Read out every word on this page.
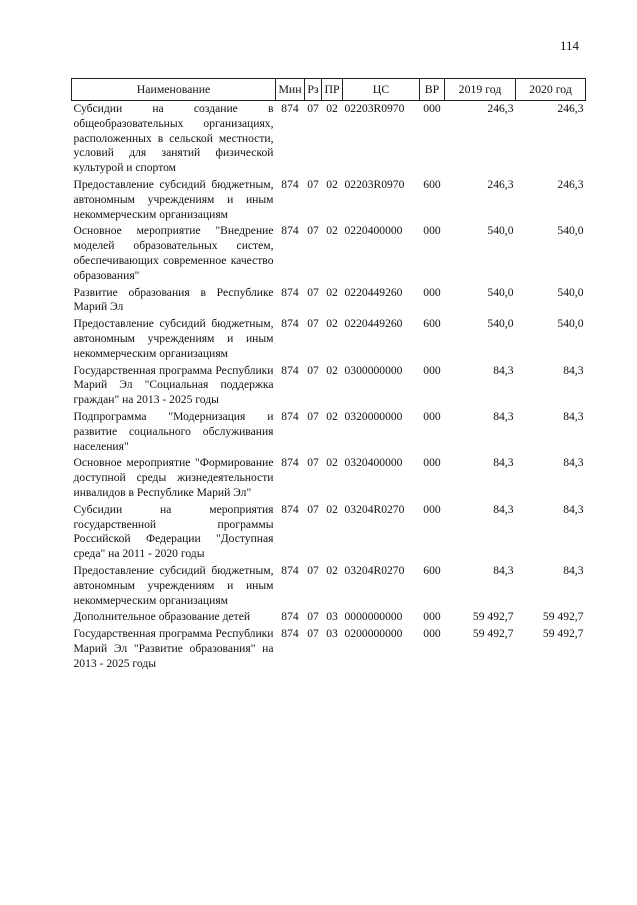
114
Наименование	Мин	Рз	ПР	ЦС	ВР	2019 год	2020 год
Субсидии на создание в общеобразовательных организациях, расположенных в сельской местности, условий для занятий физической культурой и спортом	874	07	02	02203R0970	000	246,3	246,3
Предоставление субсидий бюджетным, автономным учреждениям и иным некоммерческим организациям	874	07	02	02203R0970	600	246,3	246,3
Основное мероприятие "Внедрение моделей образовательных систем, обеспечивающих современное качество образования"	874	07	02	0220400000	000	540,0	540,0
Развитие образования в Республике Марий Эл	874	07	02	0220449260	000	540,0	540,0
Предоставление субсидий бюджетным, автономным учреждениям и иным некоммерческим организациям	874	07	02	0220449260	600	540,0	540,0
Государственная программа Республики Марий Эл "Социальная поддержка граждан" на 2013 - 2025 годы	874	07	02	0300000000	000	84,3	84,3
Подпрограмма "Модернизация и развитие социального обслуживания населения"	874	07	02	0320000000	000	84,3	84,3
Основное мероприятие "Формирование доступной среды жизнедеятельности инвалидов в Республике Марий Эл"	874	07	02	0320400000	000	84,3	84,3
Субсидии на мероприятия государственной программы Российской Федерации "Доступная среда" на 2011 - 2020 годы	874	07	02	03204R0270	000	84,3	84,3
Предоставление субсидий бюджетным, автономным учреждениям и иным некоммерческим организациям	874	07	02	03204R0270	600	84,3	84,3
Дополнительное образование детей	874	07	03	0000000000	000	59 492,7	59 492,7
Государственная программа Республики Марий Эл "Развитие образования" на 2013 - 2025 годы	874	07	03	0200000000	000	59 492,7	59 492,7
